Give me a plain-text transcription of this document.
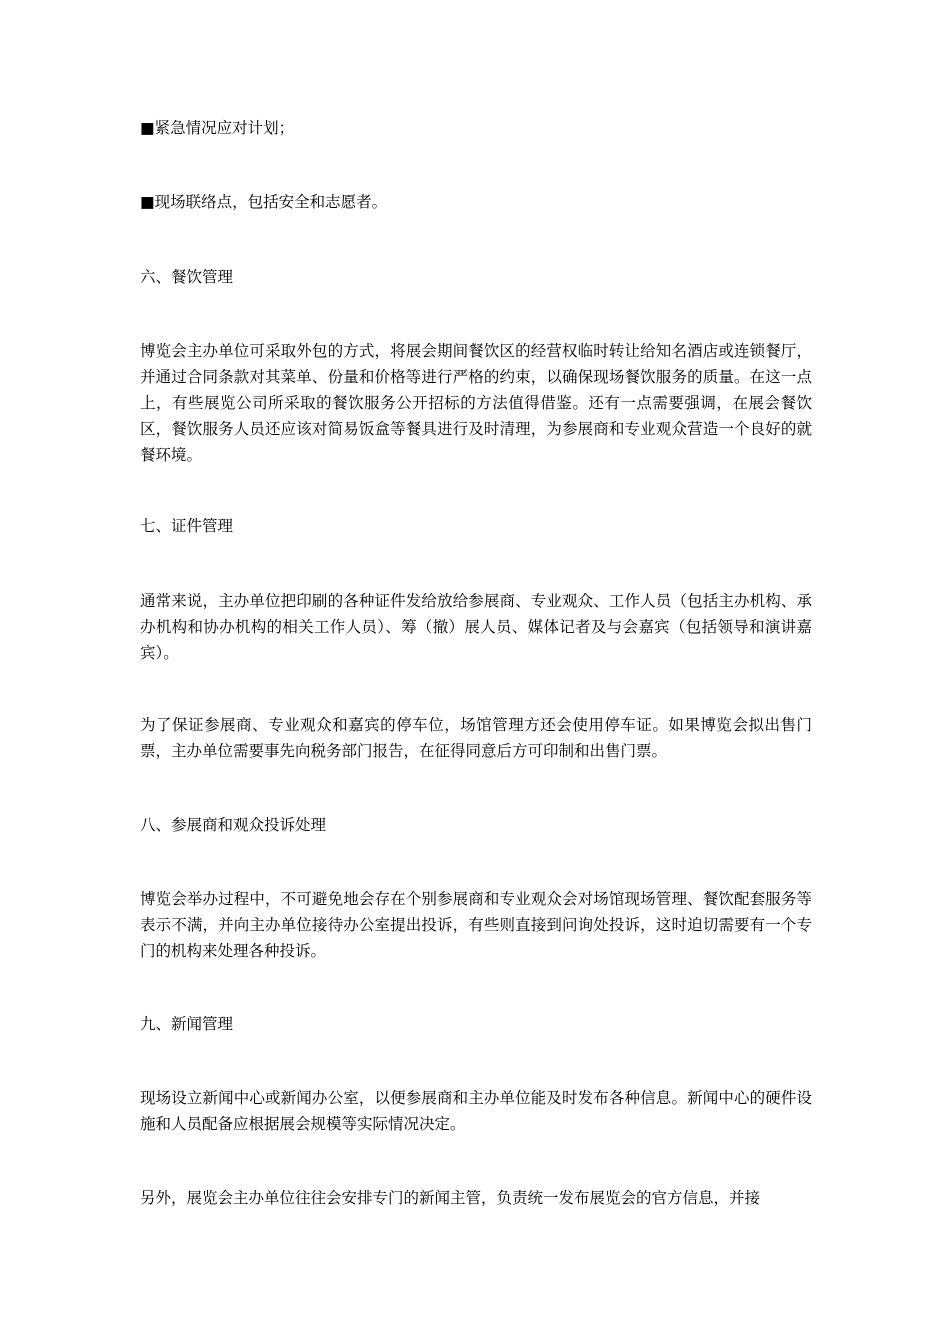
■紧急情况应对计划；

■现场联络点，包括安全和志愿者。

六、餐饮管理

博览会主办单位可采取外包的方式，将展会期间餐饮区的经营权临时转让给知名酒店或连锁餐厅，并通过合同条款对其菜单、份量和价格等进行严格的约束，以确保现场餐饮服务的质量。在这一点上，有些展览公司所采取的餐饮服务公开招标的方法值得借鉴。还有一点需要强调，在展会餐饮区，餐饮服务人员还应该对简易饭盒等餐具进行及时清理，为参展商和专业观众营造一个良好的就餐环境。

七、证件管理

通常来说，主办单位把印刷的各种证件发给放给参展商、专业观众、工作人员（包括主办机构、承办机构和协办机构的相关工作人员）、筹（撤）展人员、媒体记者及与会嘉宾（包括领导和演讲嘉宾）。

为了保证参展商、专业观众和嘉宾的停车位，场馆管理方还会使用停车证。如果博览会拟出售门票，主办单位需要事先向税务部门报告，在征得同意后方可印制和出售门票。

八、参展商和观众投诉处理

博览会举办过程中，不可避免地会存在个别参展商和专业观众会对场馆现场管理、餐饮配套服务等表示不满，并向主办单位接待办公室提出投诉，有些则直接到问询处投诉，这时迫切需要有一个专门的机构来处理各种投诉。

九、新闻管理

现场设立新闻中心或新闻办公室，以便参展商和主办单位能及时发布各种信息。新闻中心的硬件设施和人员配备应根据展会规模等实际情况决定。

另外，展览会主办单位往往会安排专门的新闻主管，负责统一发布展览会的官方信息，并接
